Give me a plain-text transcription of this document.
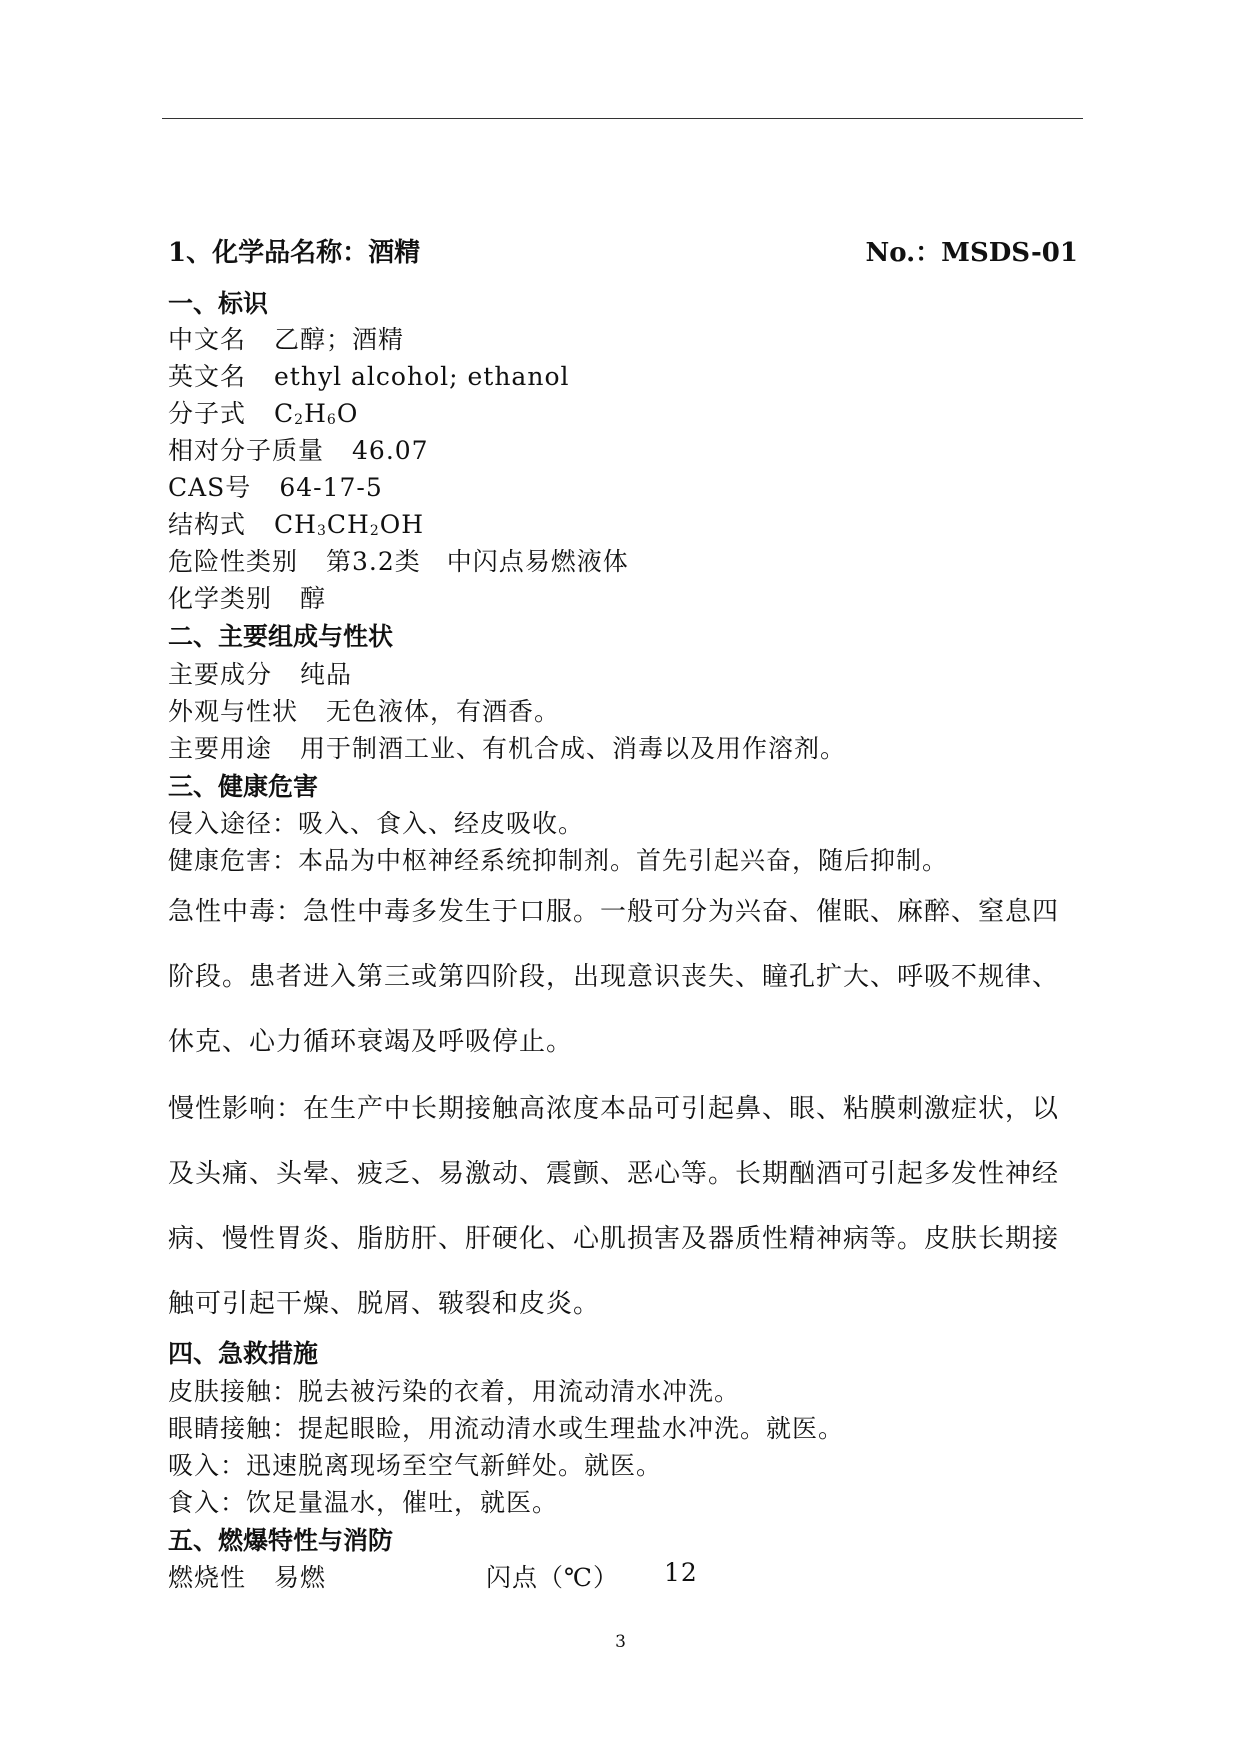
1、化学品名称：酒精	No.：MSDS-01
一、标识
中文名 乙醇；酒精
英文名 ethyl alcohol; ethanol
分子式 $C_2H_6O$
相对分子质量 46.07
CAS号 64-17-5
结构式 $CH_3CH_2OH$
危险性类别 第3.2类　中闪点易燃液体
化学类别 醇
二、主要组成与性状
主要成分 纯品
外观与性状 无色液体，有酒香。
主要用途 用于制酒工业、有机合成、消毒以及用作溶剂。
三、健康危害
侵入途径：吸入、食入、经皮吸收。
健康危害：本品为中枢神经系统抑制剂。首先引起兴奋，随后抑制。

急性中毒：急性中毒多发生于口服。一般可分为兴奋、催眠、麻醉、窒息四阶段。患者进入第三或第四阶段，出现意识丧失、瞳孔扩大、呼吸不规律、休克、心力循环衰竭及呼吸停止。

慢性影响：在生产中长期接触高浓度本品可引起鼻、眼、粘膜刺激症状，以及头痛、头晕、疲乏、易激动、震颤、恶心等。长期酗酒可引起多发性神经病、慢性胃炎、脂肪肝、肝硬化、心肌损害及器质性精神病等。皮肤长期接触可引起干燥、脱屑、皲裂和皮炎。

四、急救措施
皮肤接触：脱去被污染的衣着，用流动清水冲洗。
眼睛接触：提起眼睑，用流动清水或生理盐水冲洗。就医。
吸入：迅速脱离现场至空气新鲜处。就医。
食入：饮足量温水，催吐，就医。
五、燃爆特性与消防
燃烧性 易燃	闪点（℃） 12
3
